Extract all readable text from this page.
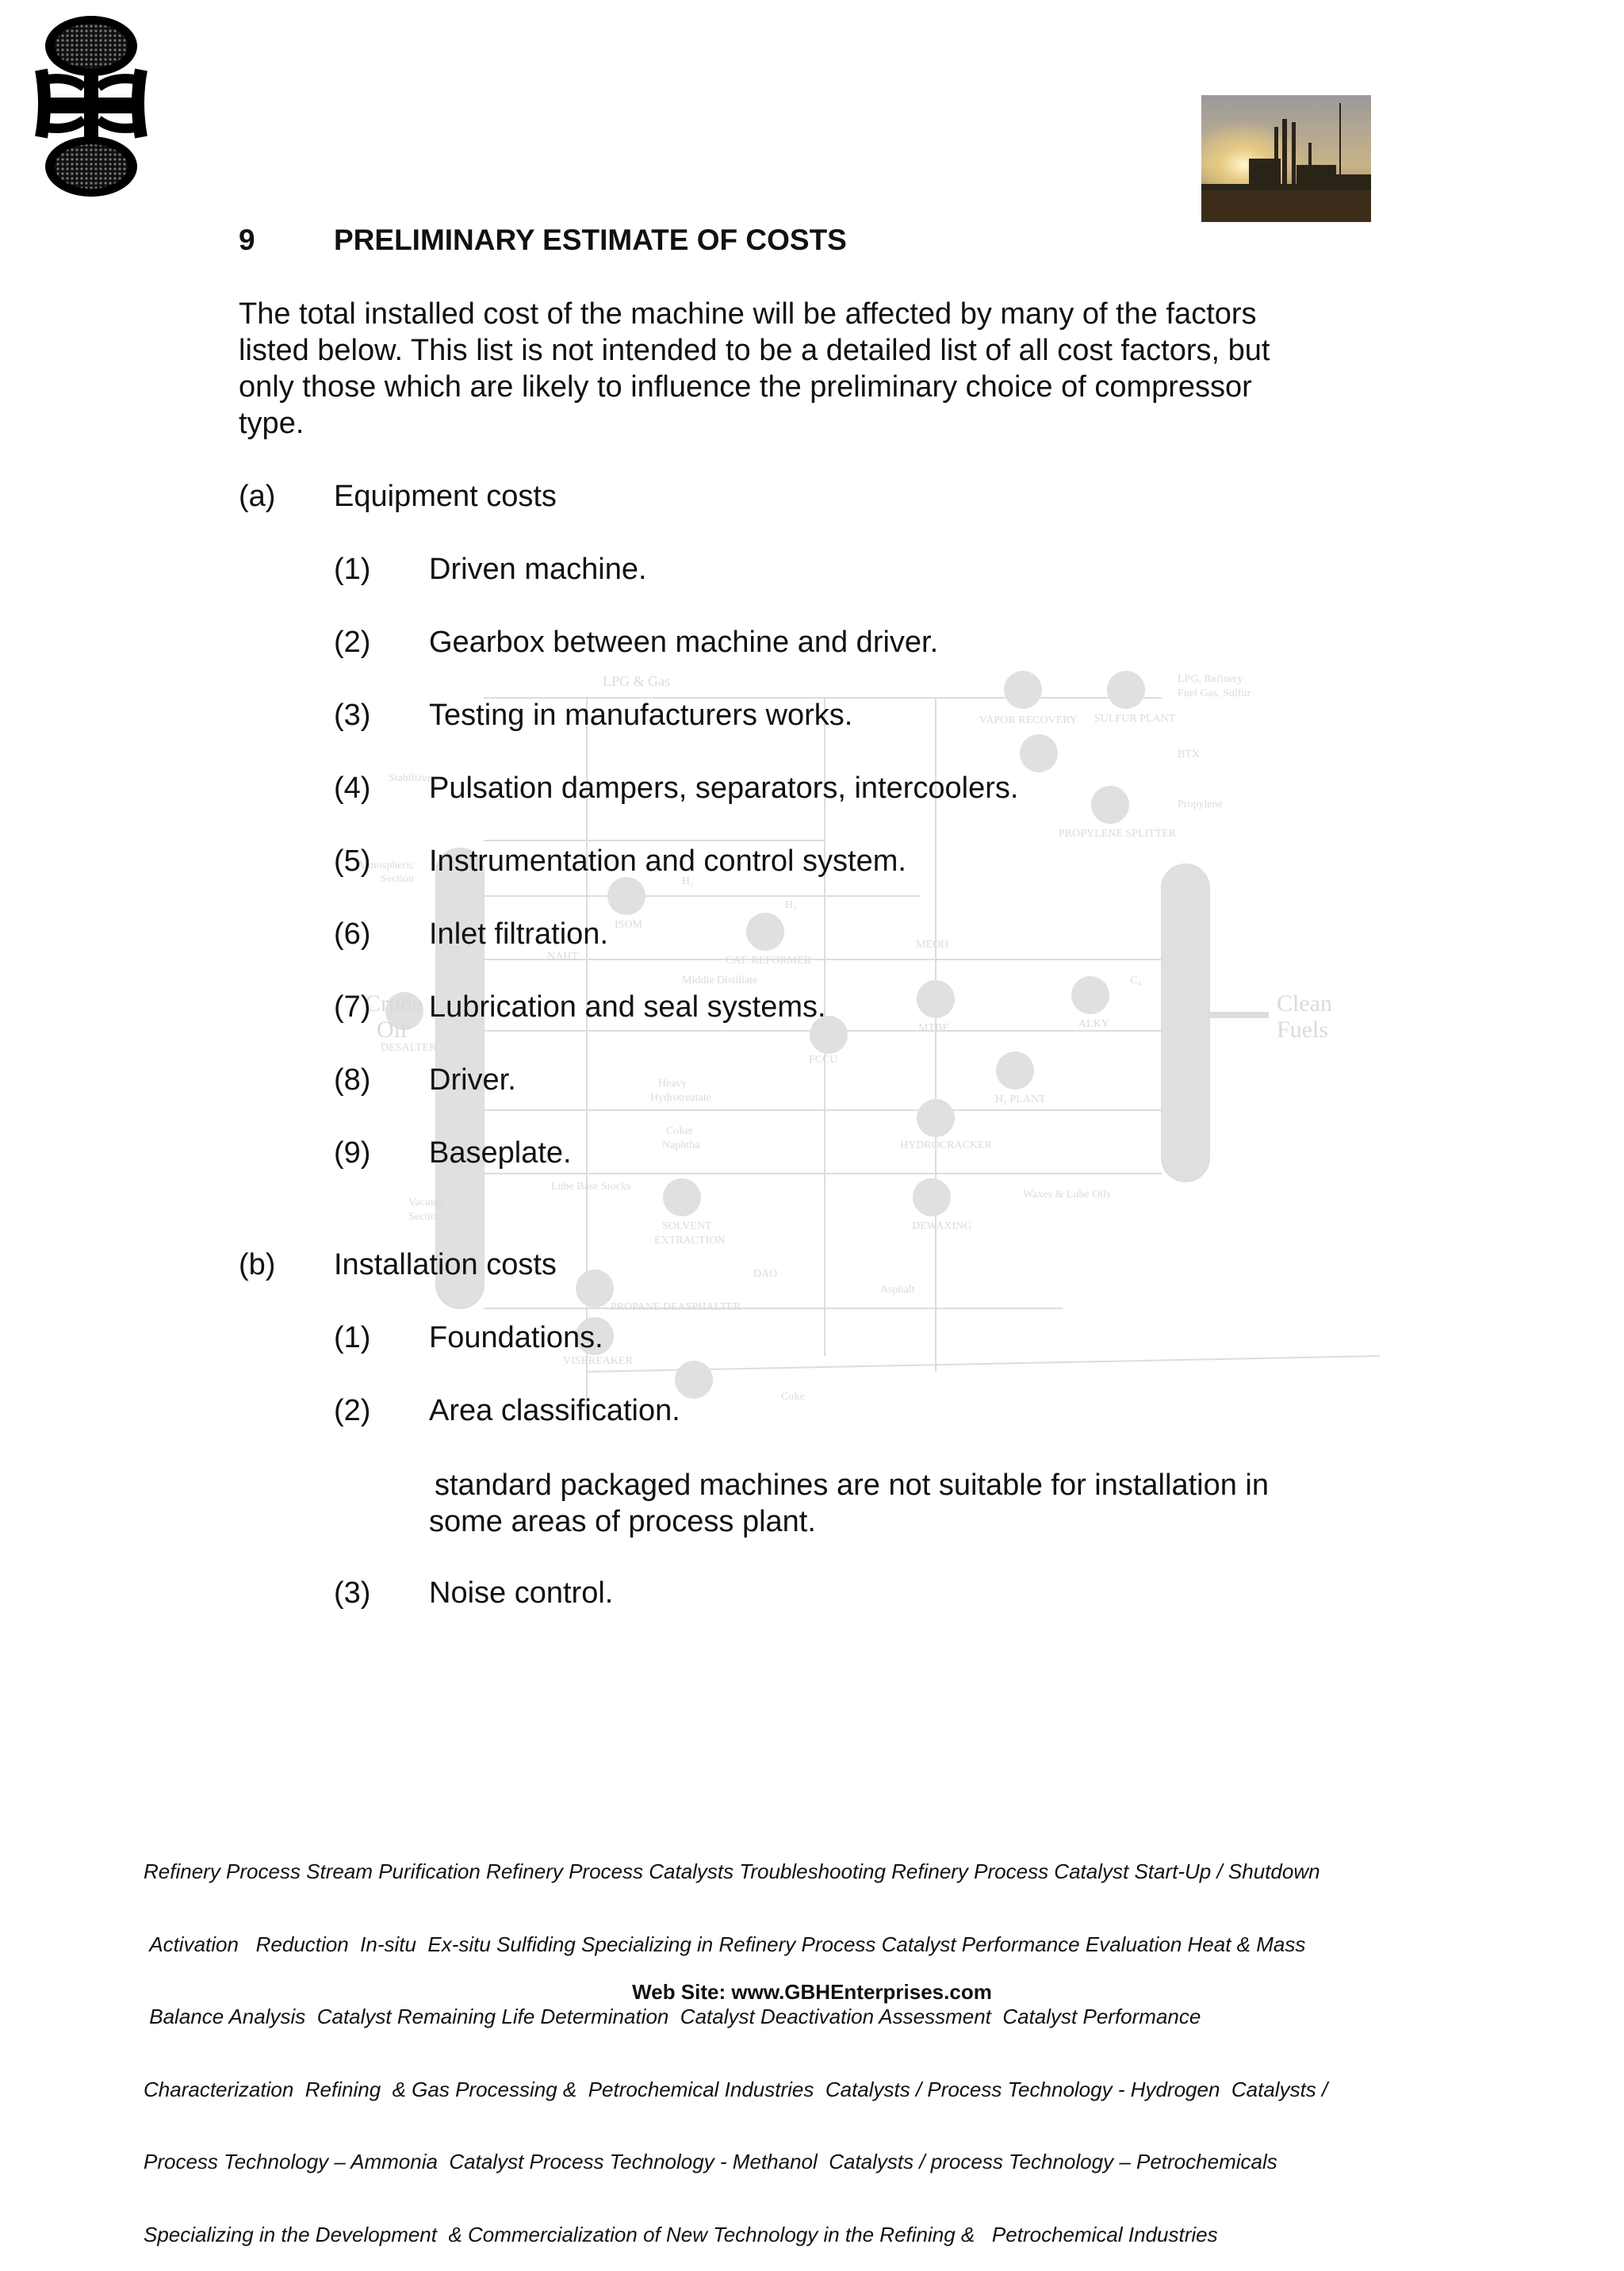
Crude
Oil
Clean
Fuels
LPG & Gas
VAPOR RECOVERY SULFUR PLANT
LPG, Refinery
Fuel Gas, Sulfur
BTX
Propylene
PROPYLENE SPLITTER
Stabilizer
Atmospheric
Section
ISOM
NAHT
H₂
H₂
CAT. REFORMER
MEOH
Middle Distillate
MTBE	ALKY
C₄
DESALTER
FCCU
Heavy
Hydrotreatate	H₂ PLANT
Coker
Naphtha	HYDROCRACKER
Lube Base Stocks
Vacuum
Section
SOLVENT
EXTRACTION
DEWAXING
Waxes & Lube Oils
DAO
Asphalt
PROPANE DEASPHALTER
VISBREAKER
Coke
9	PRELIMINARY ESTIMATE OF COSTS
The total installed cost of the machine will be affected by many of the factors
listed below. This list is not intended to be a detailed list of all cost factors, but
only those which are likely to influence the preliminary choice of compressor
type.
(a) Equipment costs
(1) Driven machine.
(2) Gearbox between machine and driver.
(3) Testing in manufacturers works.
(4) Pulsation dampers, separators, intercoolers.
(5) Instrumentation and control system.
(6) Inlet filtration.
(7) Lubrication and seal systems.
(8) Driver.
(9) Baseplate.
(b) Installation costs
(1) Foundations.
(2) Area classification.
standard packaged machines are not suitable for installation in
some areas of process plant.
(3) Noise control.

Refinery Process Stream Purification Refinery Process Catalysts Troubleshooting Refinery Process Catalyst Start-Up / Shutdown

Activation   Reduction  In-situ  Ex-situ Sulfiding Specializing in Refinery Process Catalyst Performance Evaluation Heat & Mass

Balance Analysis  Catalyst Remaining Life Determination  Catalyst Deactivation Assessment  Catalyst Performance

Characterization  Refining  & Gas Processing &  Petrochemical Industries  Catalysts / Process Technology - Hydrogen  Catalysts /

Process Technology – Ammonia  Catalyst Process Technology - Methanol  Catalysts / process Technology – Petrochemicals

Specializing in the Development  & Commercialization of New Technology in the Refining &   Petrochemical Industries

Web Site: www.GBHEnterprises.com
